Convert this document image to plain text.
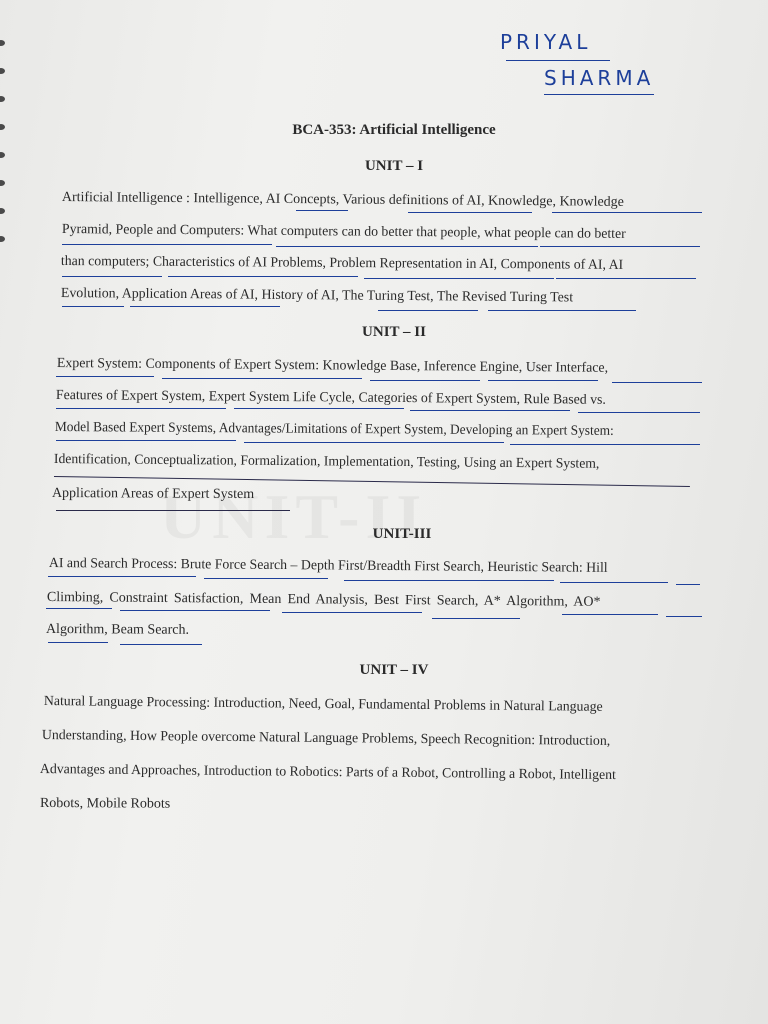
PRIYAL
SHARMA
BCA-353: Artificial Intelligence
UNIT – I
Artificial Intelligence : Intelligence, AI Concepts, Various definitions of AI, Knowledge, Knowledge
Pyramid, People and Computers: What computers can do better that people, what people can do better
than computers; Characteristics of AI Problems, Problem Representation in AI, Components of AI, AI
Evolution, Application Areas of AI, History of AI, The Turing Test, The Revised Turing Test
UNIT – II
Expert System: Components of Expert System: Knowledge Base, Inference Engine, User Interface,
Features of Expert System, Expert System Life Cycle, Categories of Expert System, Rule Based vs.
Model Based Expert Systems, Advantages/Limitations of Expert System, Developing an Expert System:
Identification, Conceptualization, Formalization, Implementation, Testing, Using an Expert System,
Application Areas of Expert System
UNIT-III
AI and Search Process: Brute Force Search – Depth First/Breadth First Search, Heuristic Search: Hill
Climbing, Constraint Satisfaction, Mean End Analysis, Best First Search, A* Algorithm, AO*
Algorithm, Beam Search.
UNIT – IV
Natural Language Processing: Introduction, Need, Goal, Fundamental Problems in Natural Language
Understanding, How People overcome Natural Language Problems, Speech Recognition: Introduction,
Advantages and Approaches, Introduction to Robotics: Parts of a Robot, Controlling a Robot, Intelligent
Robots, Mobile Robots
